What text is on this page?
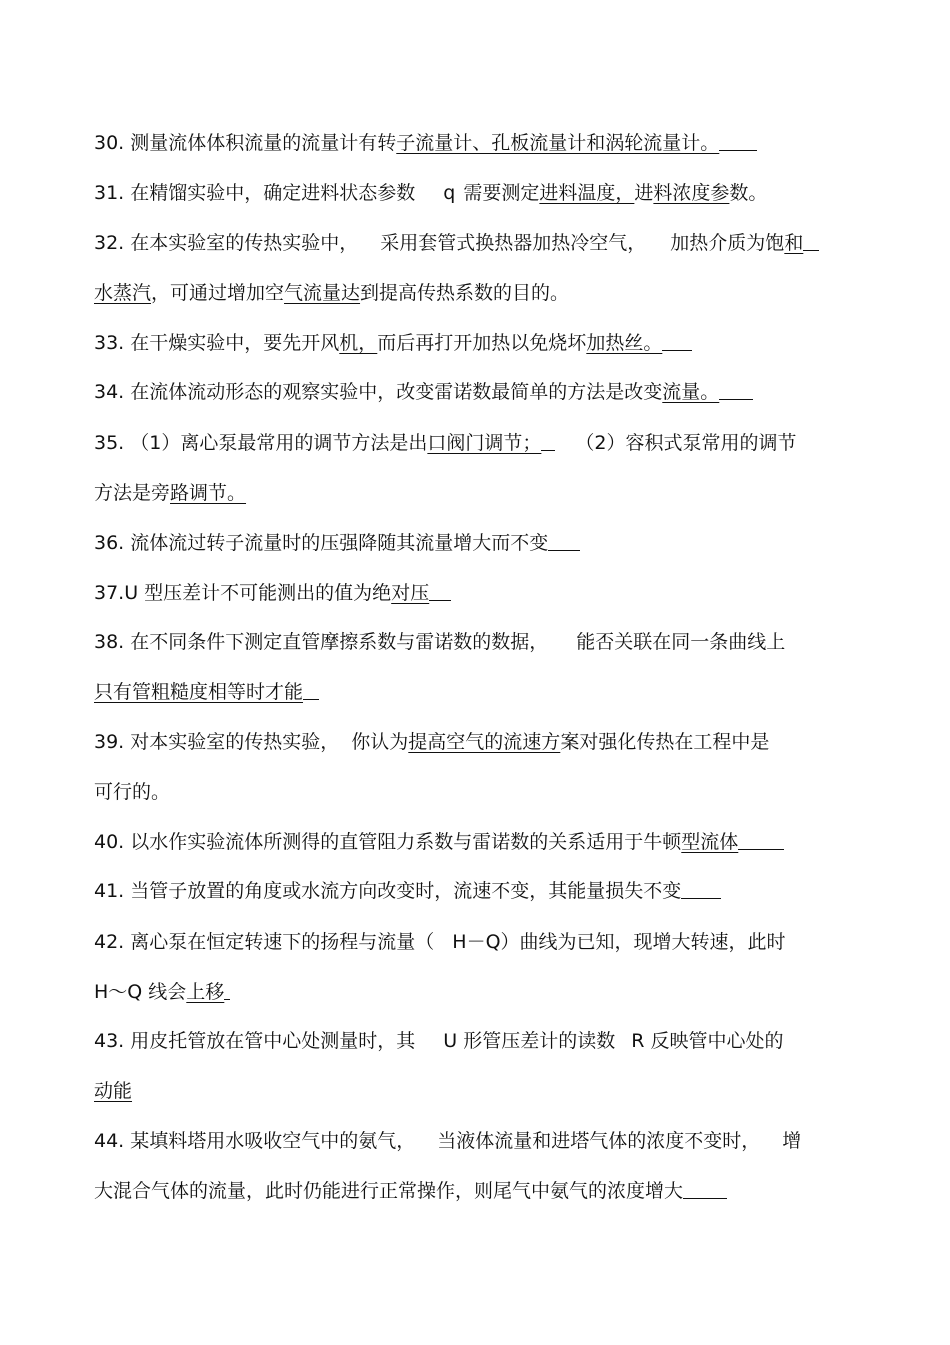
30. 测量流体体积流量的流量计有转子流量计、孔板流量计和涡轮流量计。
31. 在精馏实验中，确定进料状态参数 q 需要测定进料温度，进料浓度参数。
32. 在本实验室的传热实验中， 采用套管式换热器加热冷空气， 加热介质为饱和
水蒸汽，可通过增加空气流量达到提高传热系数的目的。
33. 在干燥实验中，要先开风机，而后再打开加热以免烧坏加热丝。
34. 在流体流动形态的观察实验中，改变雷诺数最简单的方法是改变流量。
35. （1）离心泵最常用的调节方法是出口阀门调节； （2）容积式泵常用的调节
方法是旁路调节。
36. 流体流过转子流量时的压强降随其流量增大而不变
37.U 型压差计不可能测出的值为绝对压
38. 在不同条件下测定直管摩擦系数与雷诺数的数据， 能否关联在同一条曲线上
只有管粗糙度相等时才能
39. 对本实验室的传热实验， 你认为提高空气的流速方案对强化传热在工程中是
可行的。
40. 以水作实验流体所测得的直管阻力系数与雷诺数的关系适用于牛顿型流体
41. 当管子放置的角度或水流方向改变时，流速不变，其能量损失不变
42. 离心泵在恒定转速下的扬程与流量（ H－Q）曲线为已知，现增大转速，此时
H～Q 线会上移
43. 用皮托管放在管中心处测量时，其 U 形管压差计的读数 R 反映管中心处的
动能
44. 某填料塔用水吸收空气中的氨气， 当液体流量和进塔气体的浓度不变时， 增
大混合气体的流量，此时仍能进行正常操作，则尾气中氨气的浓度增大
